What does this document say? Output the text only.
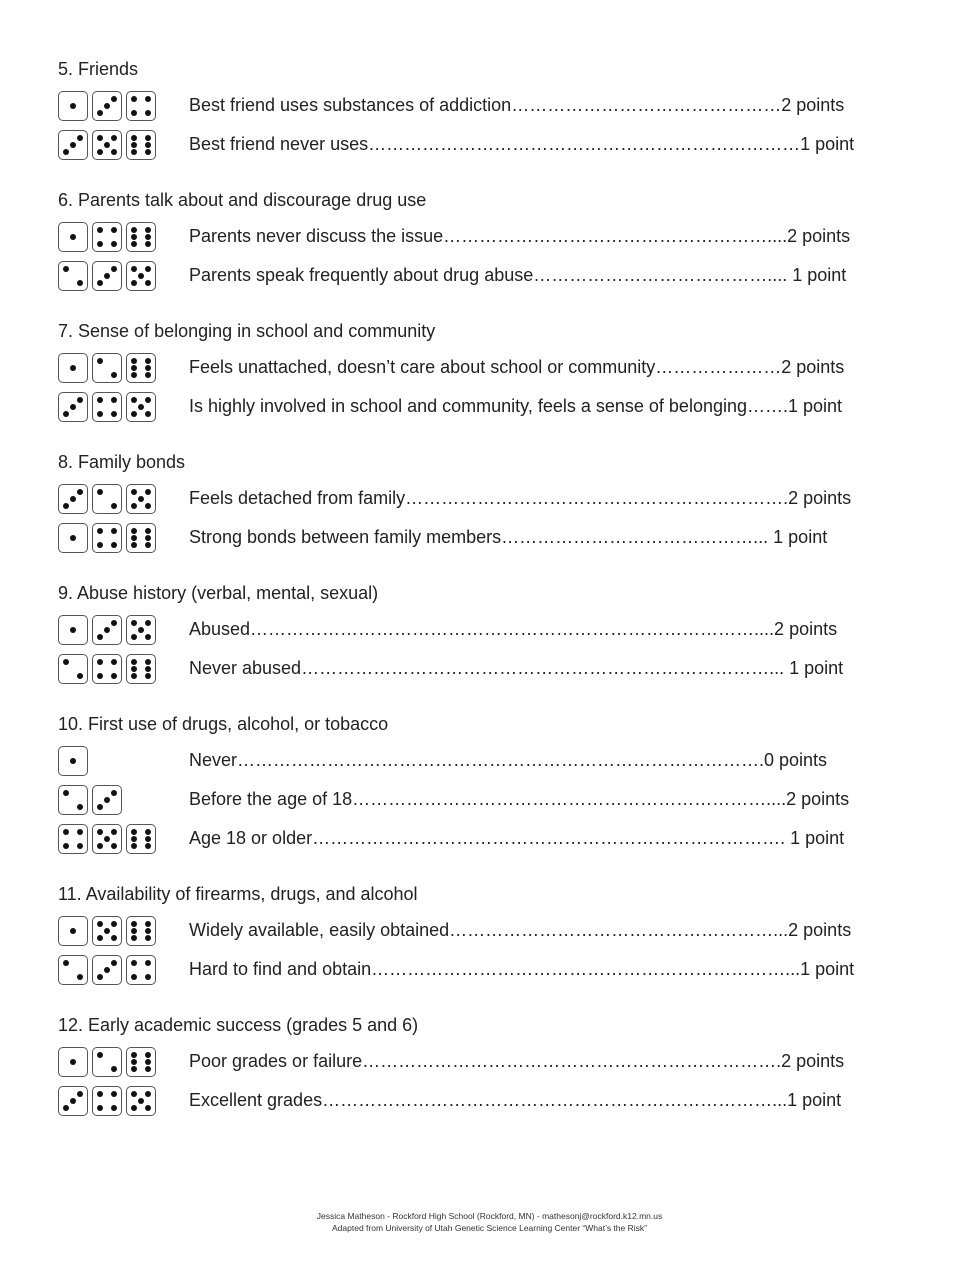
5. Friends
Best friend uses substances of addiction………………………………………2 points
Best friend never uses………………………………………………………………1 point
6. Parents talk about and discourage drug use
Parents never discuss the issue………………………………………………....2 points
Parents speak frequently about drug abuse………………………………….... 1 point
7. Sense of belonging in school and community
Feels unattached, doesn’t care about school or community…………………2 points
Is highly involved in school and community, feels a sense of belonging…….1 point
8. Family bonds
Feels detached from family……………………………………………………….2 points
Strong bonds between family members……………………………………... 1 point
9. Abuse history (verbal, mental, sexual)
Abused…………………………………………………………………………....2 points
Never abused……………………………………………………………………... 1 point
10. First use of drugs, alcohol, or tobacco
Never…………………………………………………………………………….0 points
Before the age of 18……………………………………………………………....2 points
Age 18 or older……………………………………………………………………. 1 point
11. Availability of firearms, drugs, and alcohol
Widely available, easily obtained………………………………………………...2 points
Hard to find and obtain……………………………………………………………...1 point
12. Early academic success (grades 5 and 6)
Poor grades or failure…………………………………………………………….2 points
Excellent grades…………………………………………………………………...1 point
Jessica Matheson - Rockford High School (Rockford, MN) - mathesonj@rockford.k12.mn.us
Adapted from University of Utah Genetic Science Learning Center “What’s the Risk”
